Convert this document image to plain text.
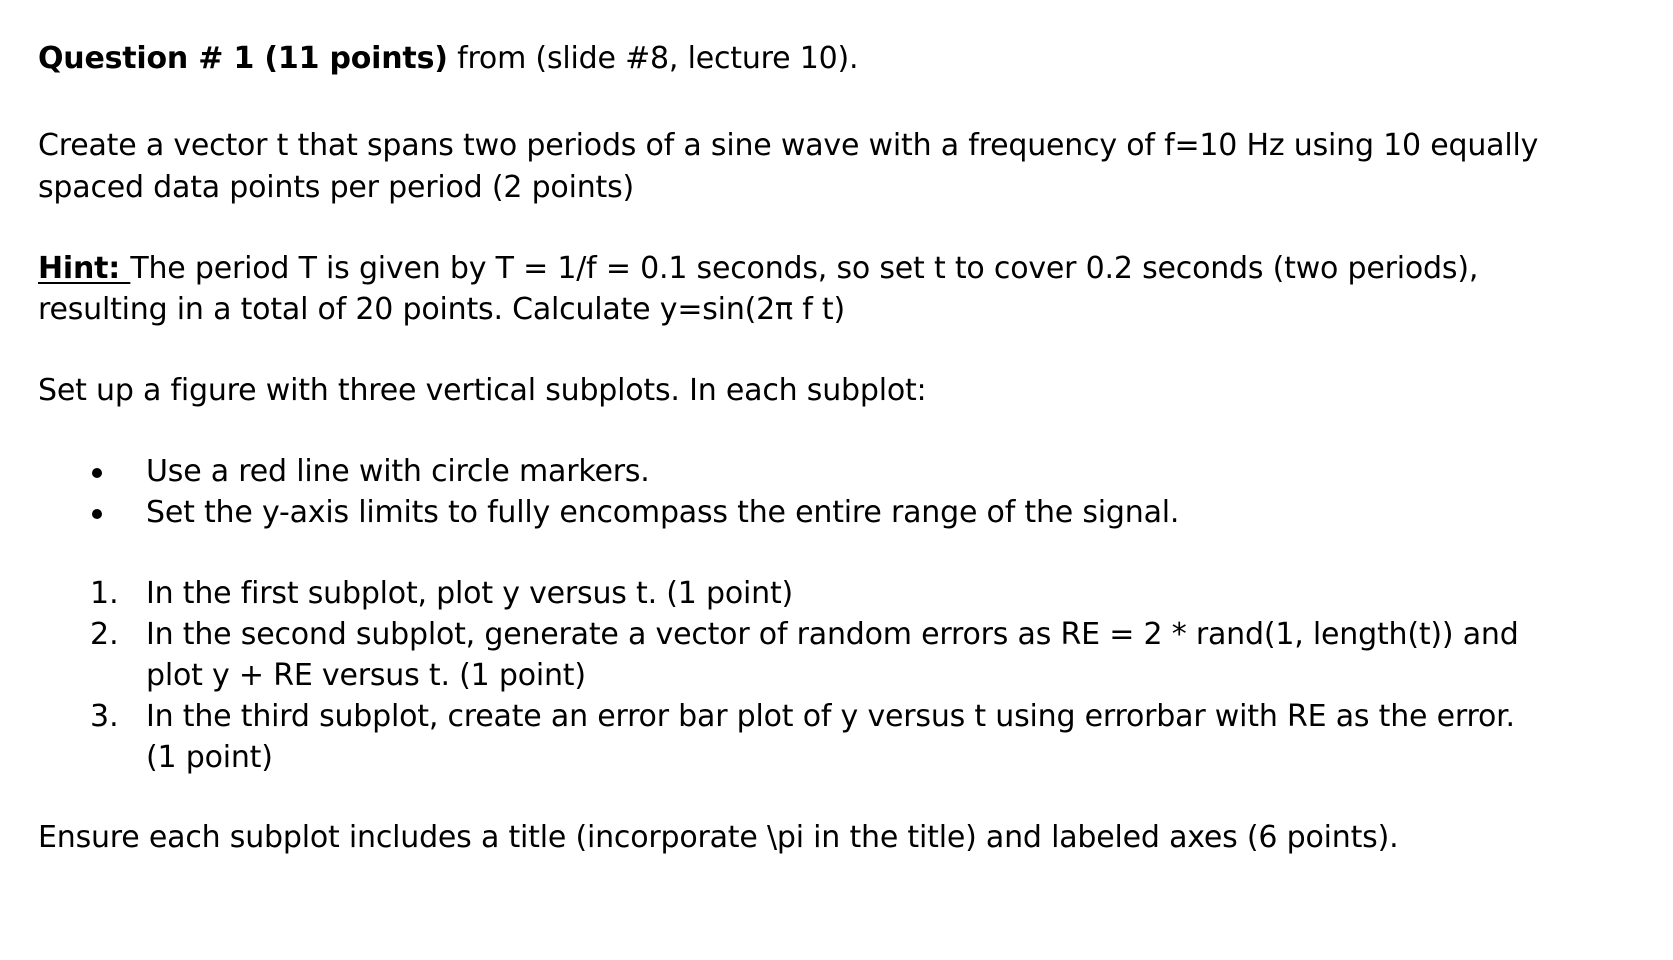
Question # 1 (11 points) from (slide #8, lecture 10).
Create a vector t that spans two periods of a sine wave with a frequency of f=10 Hz using 10 equally
spaced data points per period (2 points)
Hint: The period T is given by T = 1/f = 0.1 seconds, so set t to cover 0.2 seconds (two periods),
resulting in a total of 20 points. Calculate y=sin(2π f t)
Set up a figure with three vertical subplots. In each subplot:
Use a red line with circle markers.
Set the y-axis limits to fully encompass the entire range of the signal.
1. In the first subplot, plot y versus t. (1 point)
2. In the second subplot, generate a vector of random errors as RE = 2 * rand(1, length(t)) and
plot y + RE versus t. (1 point)
3. In the third subplot, create an error bar plot of y versus t using errorbar with RE as the error.
(1 point)
Ensure each subplot includes a title (incorporate \pi in the title) and labeled axes (6 points).
